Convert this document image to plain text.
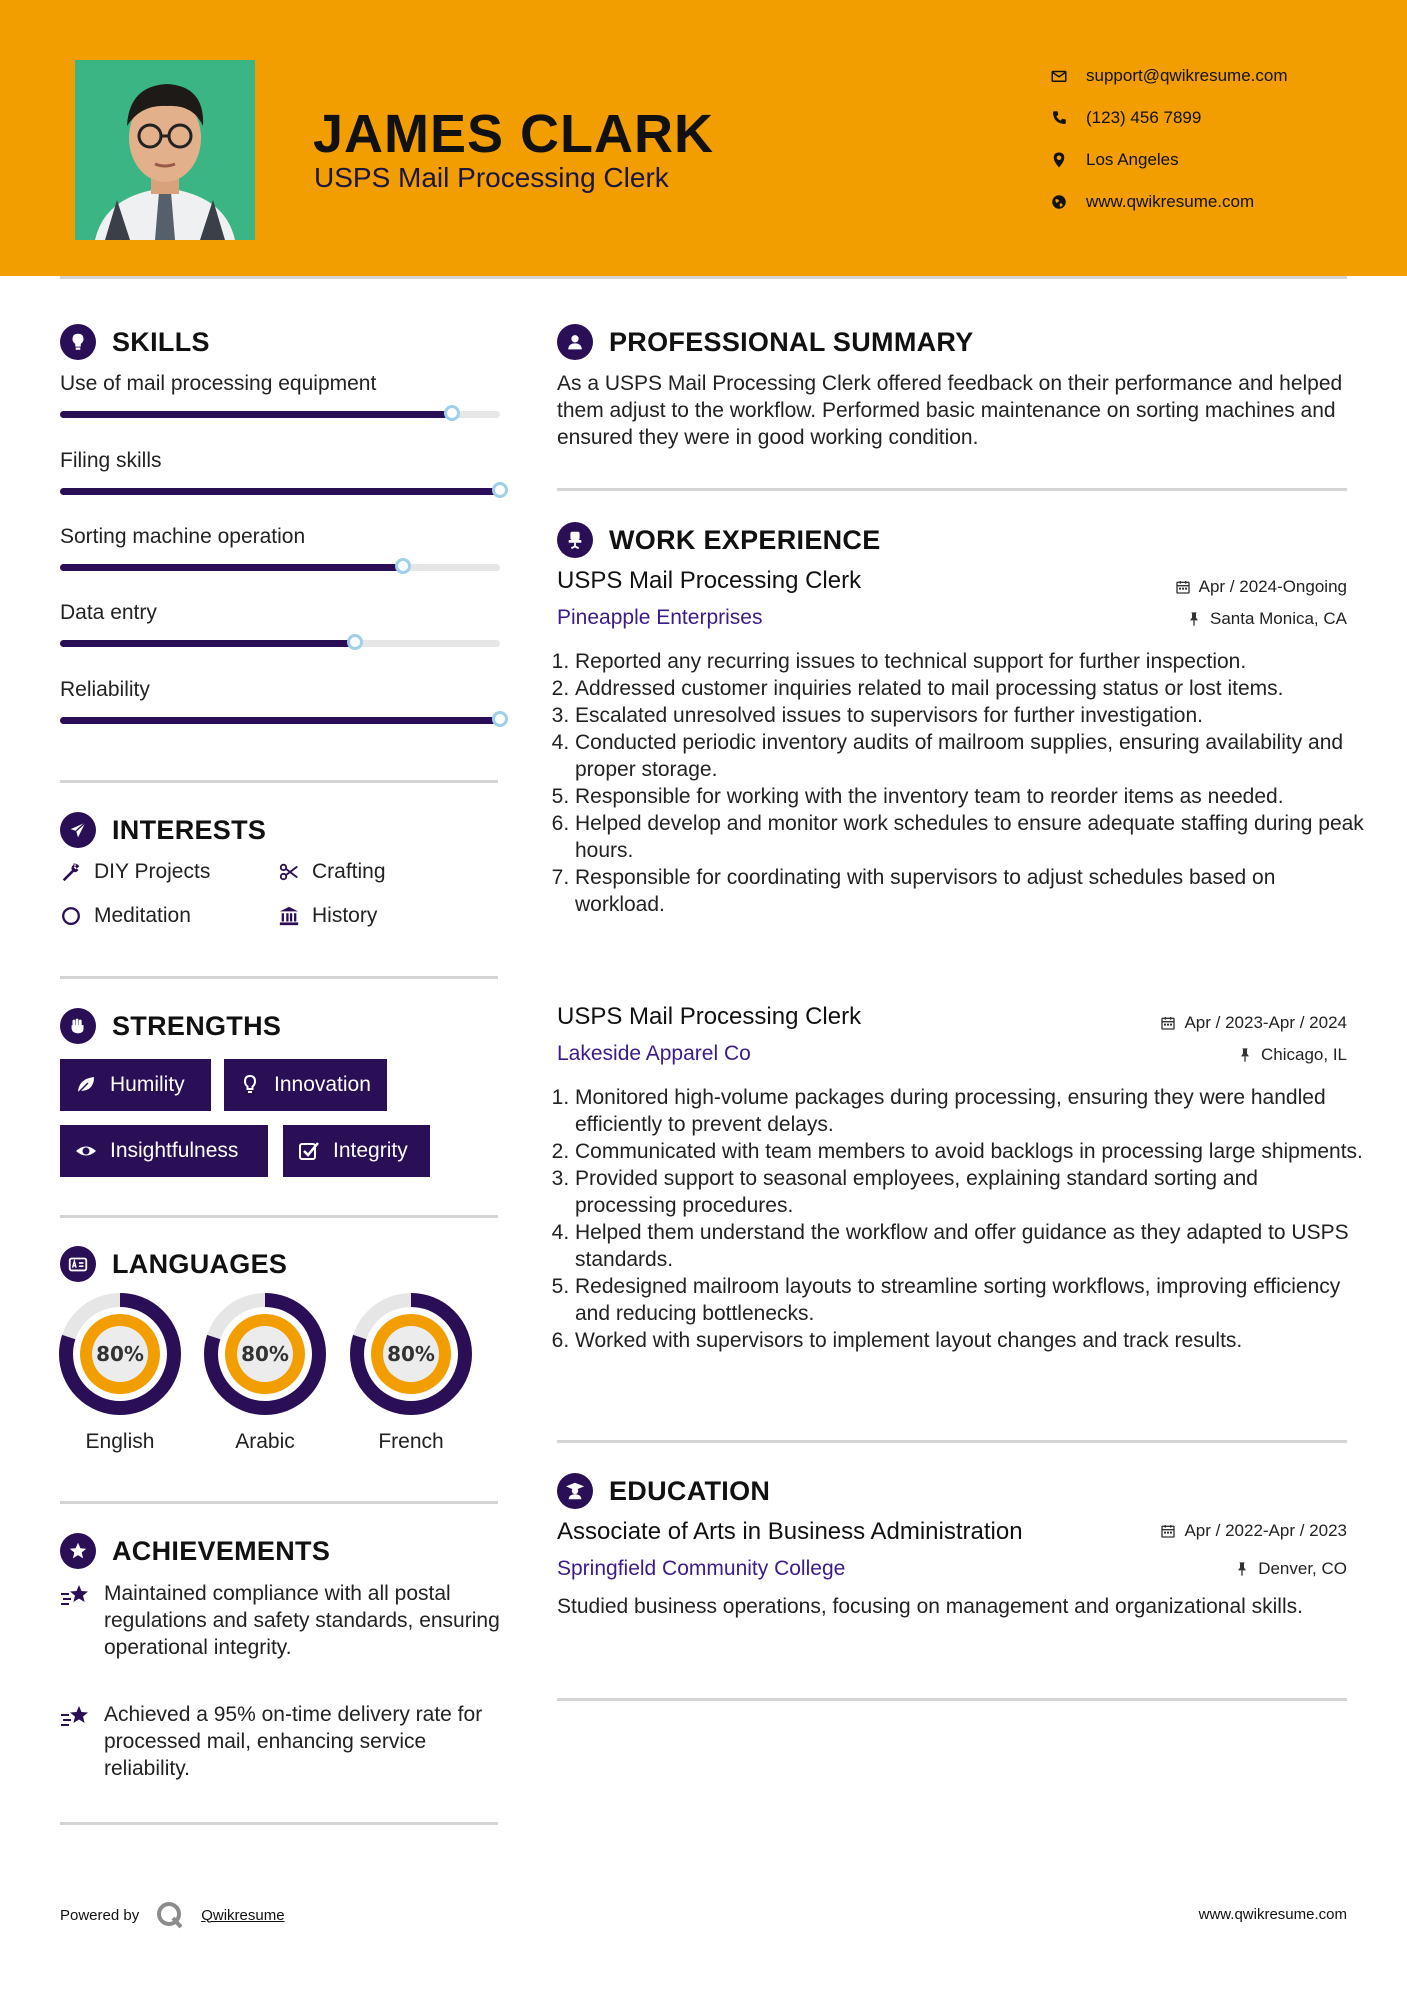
JAMES CLARK
USPS Mail Processing Clerk
support@qwikresume.com
(123) 456 7899
Los Angeles
www.qwikresume.com
SKILLS
Use of mail processing equipment
Filing skills
Sorting machine operation
Data entry
Reliability
INTERESTS
DIY Projects	Crafting
Meditation	History
STRENGTHS
Humility	Innovation
Insightfulness	Integrity
LANGUAGES
80%
English
80%
Arabic
80%
French
ACHIEVEMENTS
Maintained compliance with all postal regulations and safety standards, ensuring operational integrity.
Achieved a 95% on-time delivery rate for processed mail, enhancing service reliability.
PROFESSIONAL SUMMARY
As a USPS Mail Processing Clerk offered feedback on their performance and helped them adjust to the workflow. Performed basic maintenance on sorting machines and ensured they were in good working condition.
WORK EXPERIENCE
USPS Mail Processing Clerk	Apr / 2024-Ongoing
Pineapple Enterprises	Santa Monica, CA
1. Reported any recurring issues to technical support for further inspection.
2. Addressed customer inquiries related to mail processing status or lost items.
3. Escalated unresolved issues to supervisors for further investigation.
4. Conducted periodic inventory audits of mailroom supplies, ensuring availability and proper storage.
5. Responsible for working with the inventory team to reorder items as needed.
6. Helped develop and monitor work schedules to ensure adequate staffing during peak hours.
7. Responsible for coordinating with supervisors to adjust schedules based on workload.
USPS Mail Processing Clerk	Apr / 2023-Apr / 2024
Lakeside Apparel Co	Chicago, IL
1. Monitored high-volume packages during processing, ensuring they were handled efficiently to prevent delays.
2. Communicated with team members to avoid backlogs in processing large shipments.
3. Provided support to seasonal employees, explaining standard sorting and processing procedures.
4. Helped them understand the workflow and offer guidance as they adapted to USPS standards.
5. Redesigned mailroom layouts to streamline sorting workflows, improving efficiency and reducing bottlenecks.
6. Worked with supervisors to implement layout changes and track results.
EDUCATION
Associate of Arts in Business Administration	Apr / 2022-Apr / 2023
Springfield Community College	Denver, CO
Studied business operations, focusing on management and organizational skills.
Powered by	Qwikresume	www.qwikresume.com
